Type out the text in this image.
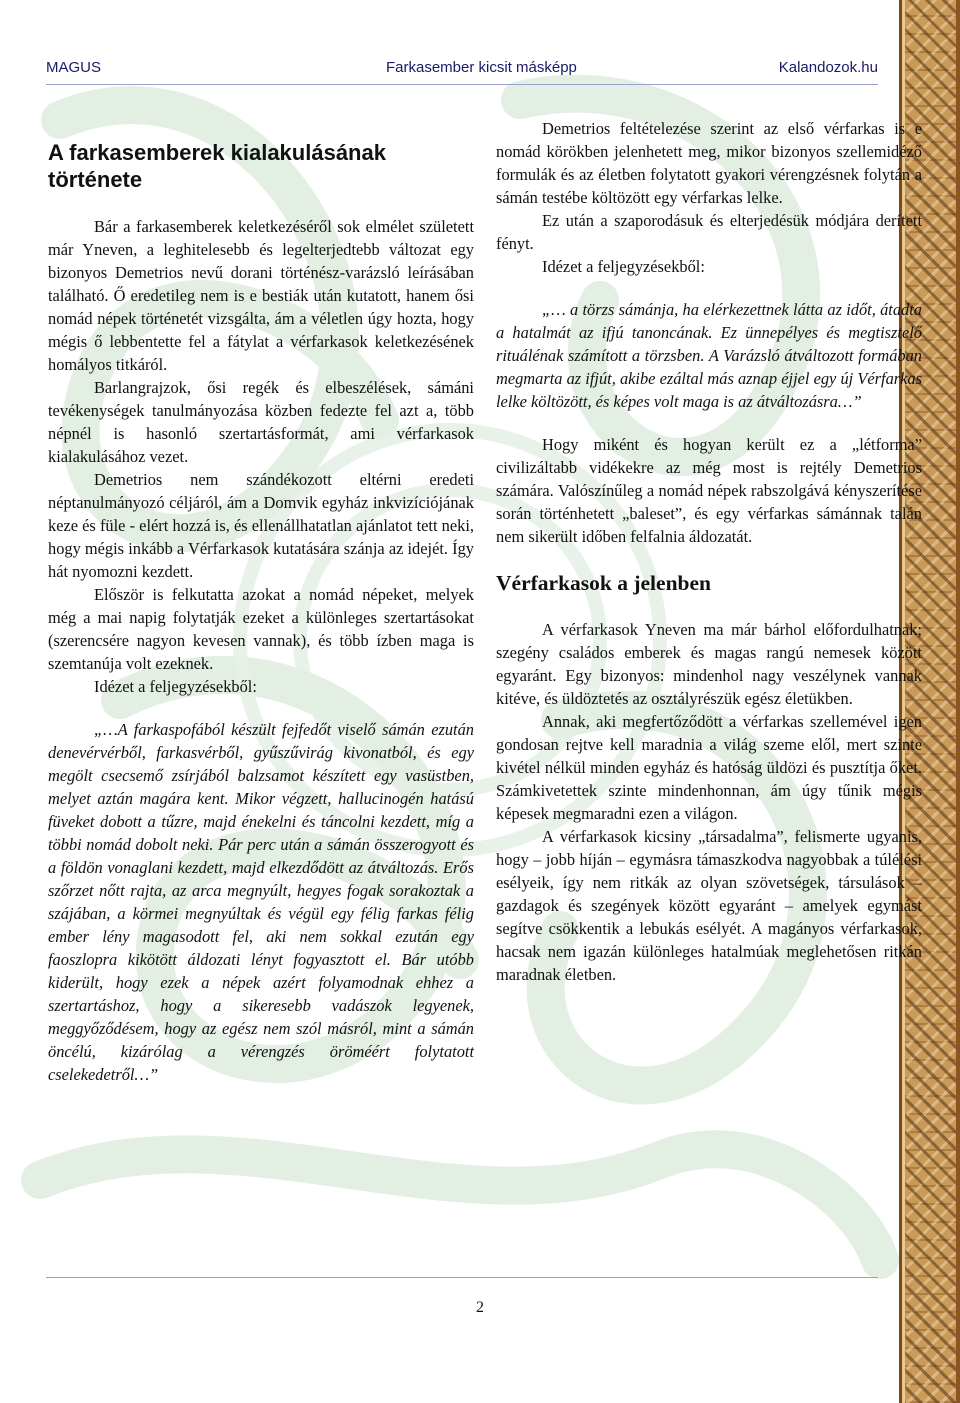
MAGUS	Farkasember kicsit másképp	Kalandozok.hu
A farkasemberek kialakulásának története

Bár a farkasemberek keletkezéséről sok elmélet született már Yneven, a leghitelesebb és legelterjedtebb változat egy bizonyos Demetrios nevű dorani történész-varázsló leírásában található. Ő eredetileg nem is e bestiák után kutatott, hanem ősi nomád népek történetét vizsgálta, ám a véletlen úgy hozta, hogy mégis ő lebbentette fel a fátylat a vérfarkasok keletkezésének homályos titkáról.

Barlangrajzok, ősi regék és elbeszélések, sámáni tevékenységek tanulmányozása közben fedezte fel azt a, több népnél is hasonló szertartásformát, ami vérfarkasok kialakulásához vezet.

Demetrios nem szándékozott eltérni eredeti néptanulmányozó céljáról, ám a Domvik egyház inkvizíciójának keze és füle - elért hozzá is, és ellenállhatatlan ajánlatot tett neki, hogy mégis inkább a Vérfarkasok kutatására szánja az idejét. Így hát nyomozni kezdett.

Először is felkutatta azokat a nomád népeket, melyek még a mai napig folytatják ezeket a különleges szertartásokat (szerencsére nagyon kevesen vannak), és több ízben maga is szemtanúja volt ezeknek.

Idézet a feljegyzésekből:

„…A farkaspofából készült fejfedőt viselő sámán ezután denevérvérből, farkasvérből, gyűszűvirág kivonatból, és egy megölt csecsemő zsírjából balzsamot készített egy vasüstben, melyet aztán magára kent. Mikor végzett, hallucinogén hatású füveket dobott a tűzre, majd énekelni és táncolni kezdett, míg a többi nomád dobolt neki. Pár perc után a sámán összerogyott és a földön vonaglani kezdett, majd elkezdődött az átváltozás. Erős szőrzet nőtt rajta, az arca megnyúlt, hegyes fogak sorakoztak a szájában, a körmei megnyúltak és végül egy félig farkas félig ember lény magasodott fel, aki nem sokkal ezután egy faoszlopra kikötött áldozati lényt fogyasztott el. Bár utóbb kiderült, hogy ezek a népek azért folyamodnak ehhez a szertartáshoz, hogy a sikeresebb vadászok legyenek, meggyőződésem, hogy az egész nem szól másról, mint a sámán öncélú, kizárólag a vérengzés öröméért folytatott cselekedetről…”

Demetrios feltételezése szerint az első vérfarkas is e nomád körökben jelenhetett meg, mikor bizonyos szellemidéző formulák és az életben folytatott gyakori vérengzésnek folytán a sámán testébe költözött egy vérfarkas lelke.

Ez után a szaporodásuk és elterjedésük módjára derített fényt.

Idézet a feljegyzésekből:

„… a törzs sámánja, ha elérkezettnek látta az időt, átadta a hatalmát az ifjú tanoncának. Ez ünnepélyes és megtisztelő rituálénak számított a törzsben. A Varázsló átváltozott formában megmarta az ifjút, akibe ezáltal más aznap éjjel egy új Vérfarkas lelke költözött, és képes volt maga is az átváltozásra…”

Hogy miként és hogyan került ez a „létforma” civilizáltabb vidékekre az még most is rejtély Demetrios számára. Valószínűleg a nomád népek rabszolgává kényszerítése során történhetett „baleset”, és egy vérfarkas sámánnak talán nem sikerült időben felfalnia áldozatát.

Vérfarkasok a jelenben

A vérfarkasok Yneven ma már bárhol előfordulhatnak; szegény családos emberek és magas rangú nemesek között egyaránt. Egy bizonyos: mindenhol nagy veszélynek vannak kitéve, és üldöztetés az osztályrészük egész életükben.

Annak, aki megfertőződött a vérfarkas szellemével igen gondosan rejtve kell maradnia a világ szeme elől, mert szinte kivétel nélkül minden egyház és hatóság üldözi és pusztítja őket. Számkivetettek szinte mindenhonnan, ám úgy tűnik mégis képesek megmaradni ezen a világon.

A vérfarkasok kicsiny „társadalma”, felismerte ugyanis, hogy – jobb híján – egymásra támaszkodva nagyobbak a túlélési esélyeik, így nem ritkák az olyan szövetségek, társulások – gazdagok és szegények között egyaránt – amelyek egymást segítve csökkentik a lebukás esélyét. A magányos vérfarkasok, hacsak nem igazán különleges hatalmúak meglehetősen ritkán maradnak életben.

2
